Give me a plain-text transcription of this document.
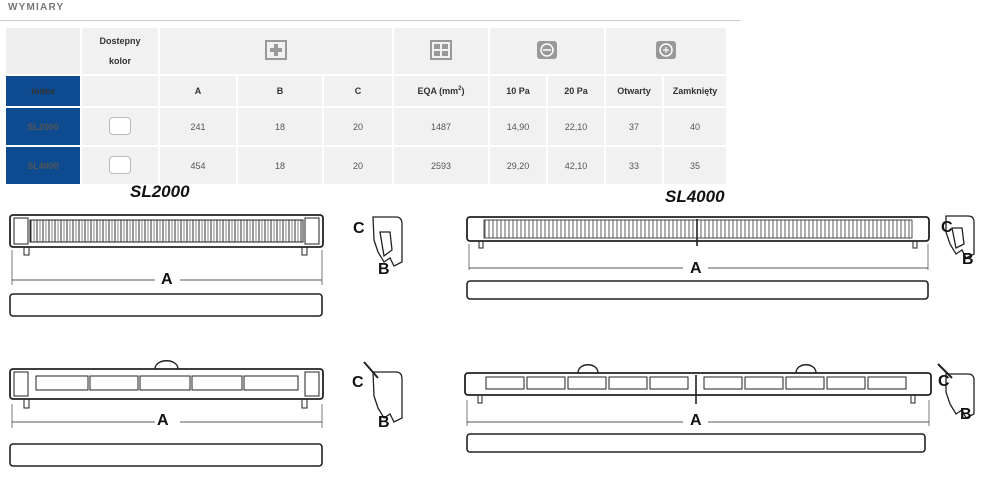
WYMIARY
	Dostepny
kolor				
index		A	B	C	EQA $(mm^2)$	10 Pa	20 Pa	Otwarty	Zamknięty
SL2000		241	18	20	1487	14,90	22,10	37	40
SL4000		454	18	20	2593	29,20	42,10	33	35
SL2000	SL4000
A
A
A
A
C
B
C
B
C
B
C
B
